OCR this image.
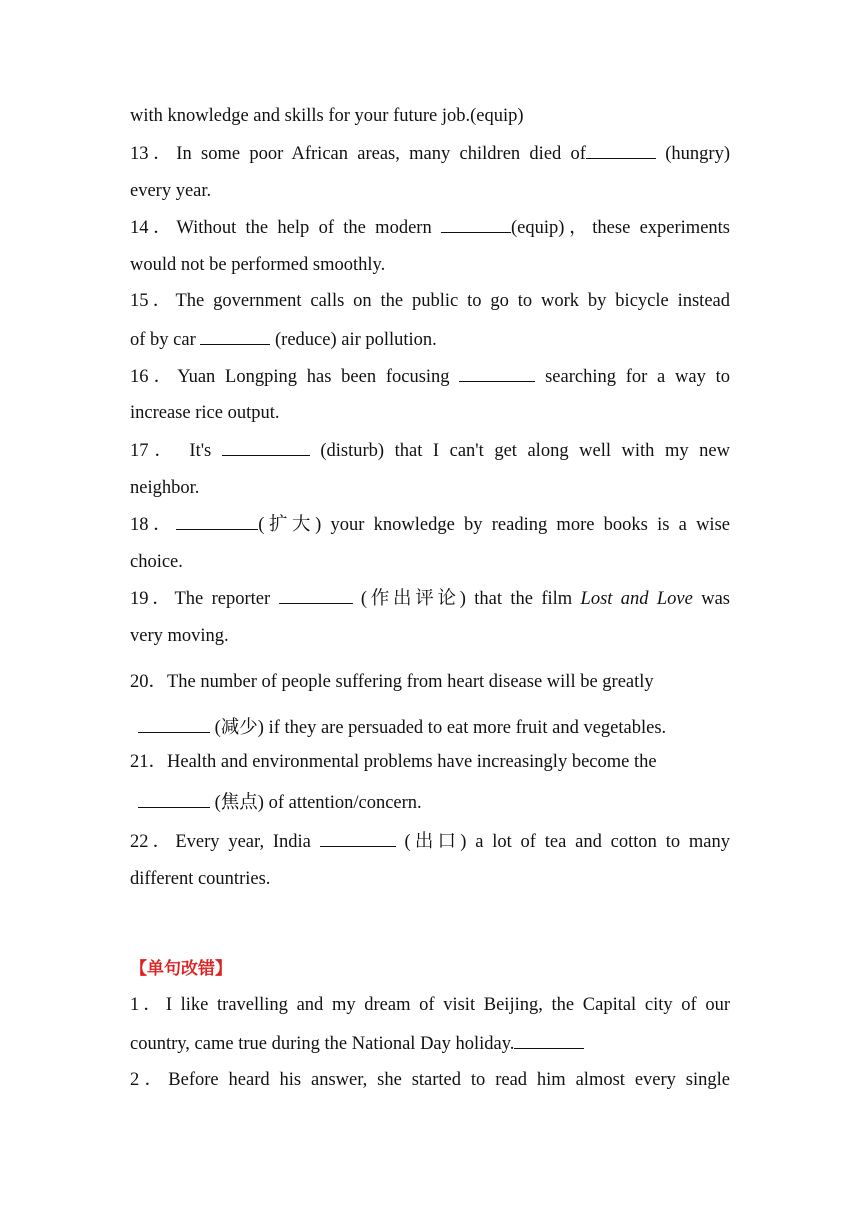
with knowledge and skills for your future job.(equip)
13．In some poor African areas, many children died of	(hungry)
every year.
14．Without the help of the modern	(equip)，these experiments
would not be performed smoothly.
15．The government calls on the public to go to work by bicycle instead
of by car	(reduce) air pollution.
16．Yuan Longping has been focusing	searching for a way to
increase rice output.
17． It's	(disturb) that I can't get along well with my new
neighbor.
18．	(扩大) your knowledge by reading more books is a wise
choice.
19．The reporter	(作出评论) that the film Lost and Love was
very moving.
20．The number of people suffering from heart disease will be greatly
(减少) if they are persuaded to eat more fruit and vegetables.
21．Health and environmental problems have increasingly become the
(焦点) of attention/concern.
22．Every year, India	(出口) a lot of tea and cotton to many
different countries.
【单句改错】
1．I like travelling and my dream of visit Beijing, the Capital city of our
country, came true during the National Day holiday.
2．Before heard his answer, she started to read him almost every single
